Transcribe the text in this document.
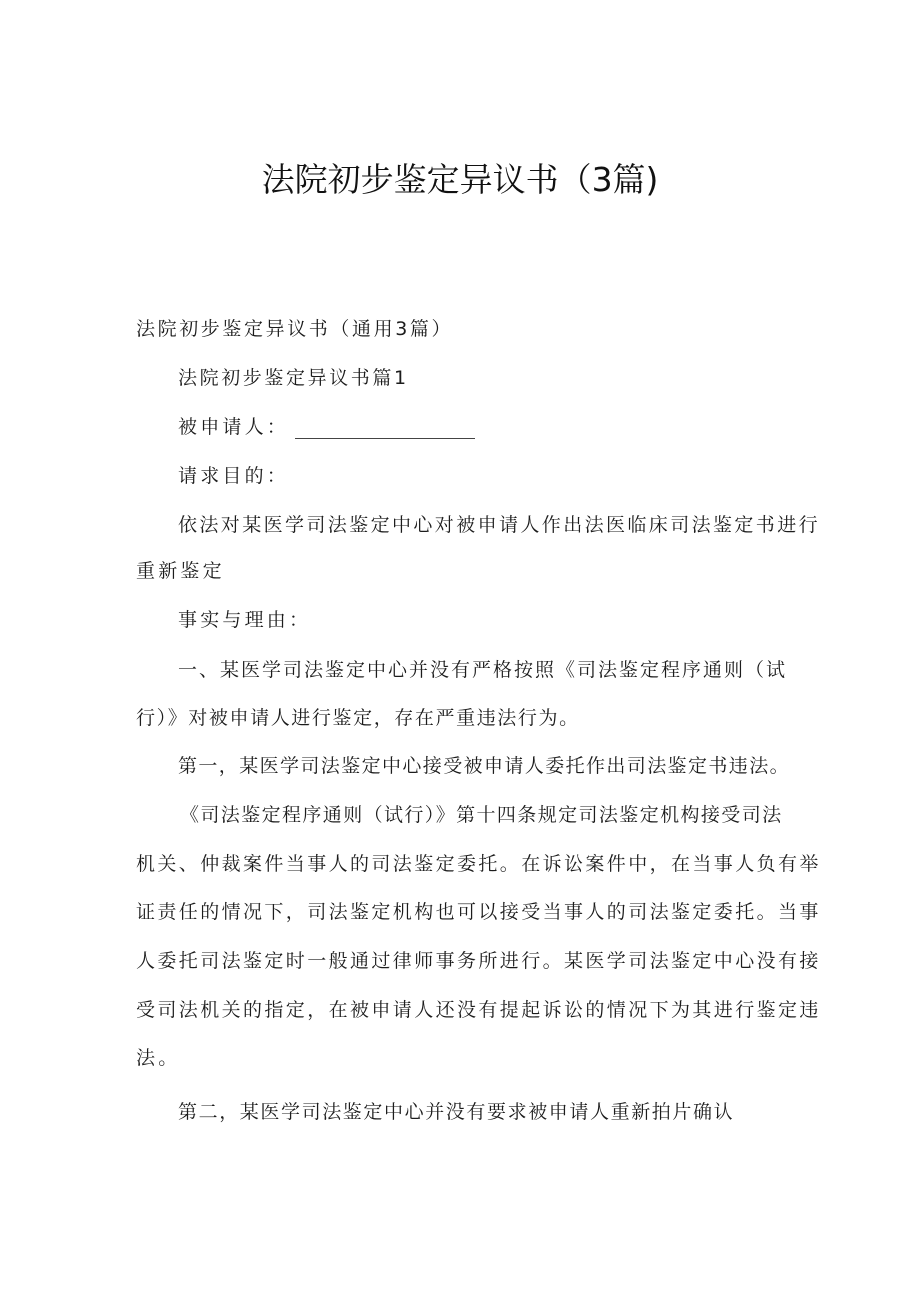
法院初步鉴定异议书（3篇)
法院初步鉴定异议书（通用3篇）
法院初步鉴定异议书篇1
被申请人：
请求目的：
依法对某医学司法鉴定中心对被申请人作出法医临床司法鉴定书进行
重新鉴定
事实与理由：
一、某医学司法鉴定中心并没有严格按照《司法鉴定程序通则（试
行）》对被申请人进行鉴定，存在严重违法行为。
第一，某医学司法鉴定中心接受被申请人委托作出司法鉴定书违法。
《司法鉴定程序通则（试行）》第十四条规定司法鉴定机构接受司法
机关、仲裁案件当事人的司法鉴定委托。在诉讼案件中，在当事人负有举
证责任的情况下，司法鉴定机构也可以接受当事人的司法鉴定委托。当事
人委托司法鉴定时一般通过律师事务所进行。某医学司法鉴定中心没有接
受司法机关的指定，在被申请人还没有提起诉讼的情况下为其进行鉴定违
法。
第二，某医学司法鉴定中心并没有要求被申请人重新拍片确认
